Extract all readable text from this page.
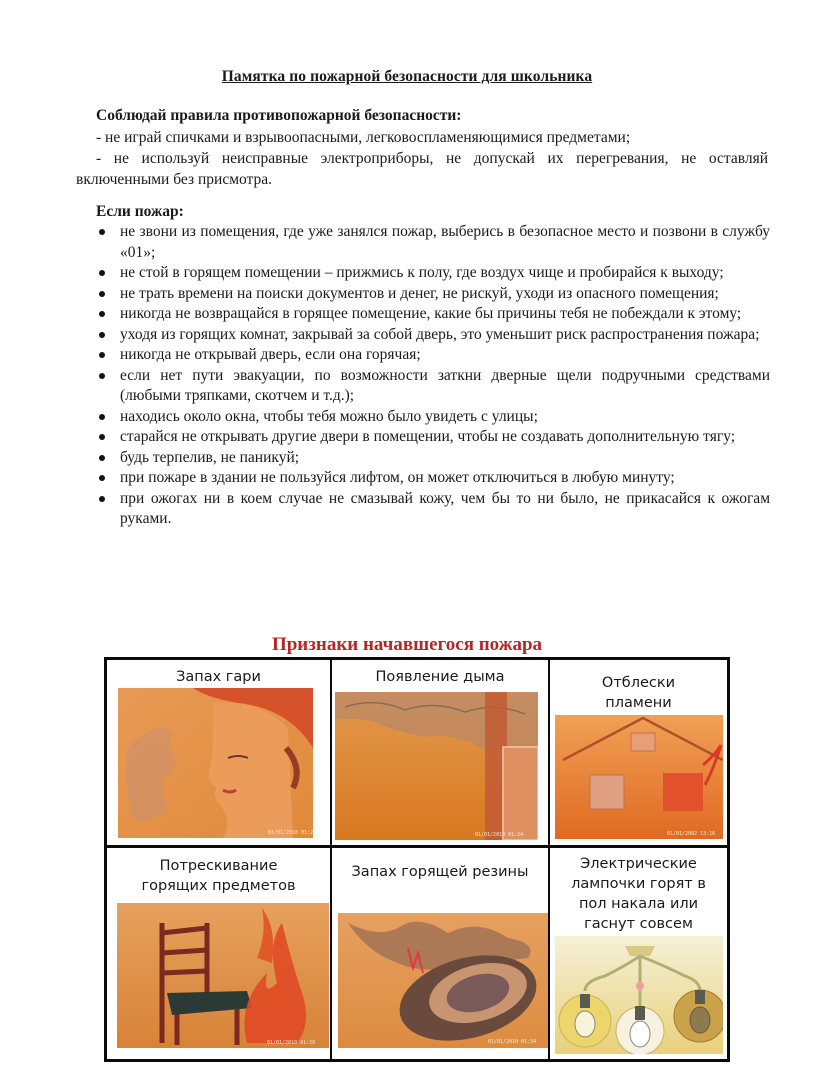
Памятка по пожарной безопасности для школьника
Соблюдай правила противопожарной безопасности:
- не играй спичками и взрывоопасными, легковоспламеняющимися предметами;
- не используй неисправные электроприборы, не допускай их перегревания, не оставляй включенными без присмотра.
Если пожар:
не звони из помещения, где уже занялся пожар, выберись в безопасное место и позвони в службу «01»;
не стой в горящем помещении – прижмись к полу, где воздух чище и пробирайся к выходу;
не трать времени на поиски документов и денег, не рискуй, уходи из опасного помещения;
никогда не возвращайся в горящее помещение, какие бы причины тебя не побеждали к этому;
уходя из горящих комнат, закрывай за собой дверь, это уменьшит риск распространения пожара;
никогда не открывай дверь, если она горячая;
если нет пути эвакуации, по возможности заткни дверные щели подручными средствами (любыми тряпками, скотчем и т.д.);
находись около окна, чтобы тебя можно было увидеть с улицы;
старайся не открывать другие двери в помещении, чтобы не создавать дополнительную тягу;
будь терпелив, не паникуй;
при пожаре в здании не пользуйся лифтом, он может отключиться в любую минуту;
при ожогах ни в коем случае не смазывай кожу, чем бы то ни было, не прикасайся к ожогам руками.
Признаки начавшегося пожара
Запах гари
01/01/2010 01:25
Появление дыма
01/01/2010 01:24
Отблески
пламени
01/01/2002 13:16
Потрескивание
горящих предметов
01/01/2010 01:28
Запах горящей резины
01/01/2010 01:34
Электрические
лампочки горят в
пол накала или
гаснут совсем
